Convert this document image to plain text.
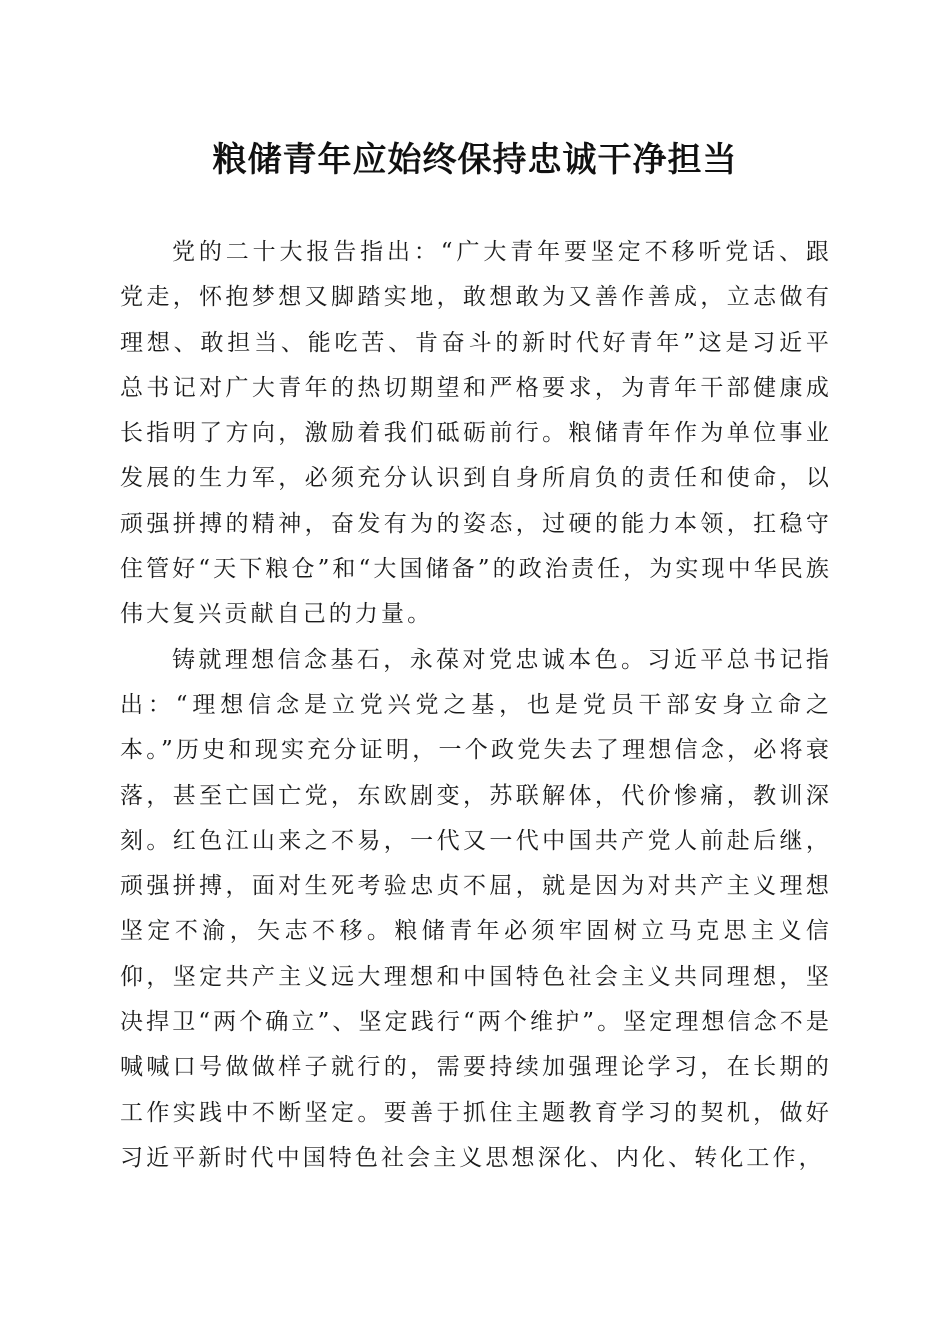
粮储青年应始终保持忠诚干净担当

党的二十大报告指出：“广大青年要坚定不移听党话、跟党走，怀抱梦想又脚踏实地，敢想敢为又善作善成，立志做有理想、敢担当、能吃苦、肯奋斗的新时代好青年”这是习近平总书记对广大青年的热切期望和严格要求，为青年干部健康成长指明了方向，激励着我们砥砺前行。粮储青年作为单位事业发展的生力军，必须充分认识到自身所肩负的责任和使命，以顽强拼搏的精神，奋发有为的姿态，过硬的能力本领，扛稳守住管好“天下粮仓”和“大国储备”的政治责任，为实现中华民族伟大复兴贡献自己的力量。

铸就理想信念基石，永葆对党忠诚本色。习近平总书记指出：“理想信念是立党兴党之基，也是党员干部安身立命之本。”历史和现实充分证明，一个政党失去了理想信念，必将衰落，甚至亡国亡党，东欧剧变，苏联解体，代价惨痛，教训深刻。红色江山来之不易，一代又一代中国共产党人前赴后继，顽强拼搏，面对生死考验忠贞不屈，就是因为对共产主义理想坚定不渝，矢志不移。粮储青年必须牢固树立马克思主义信仰，坚定共产主义远大理想和中国特色社会主义共同理想，坚决捍卫“两个确立”、坚定践行“两个维护”。坚定理想信念不是喊喊口号做做样子就行的，需要持续加强理论学习，在长期的工作实践中不断坚定。要善于抓住主题教育学习的契机，做好习近平新时代中国特色社会主义思想深化、内化、转化工作，
